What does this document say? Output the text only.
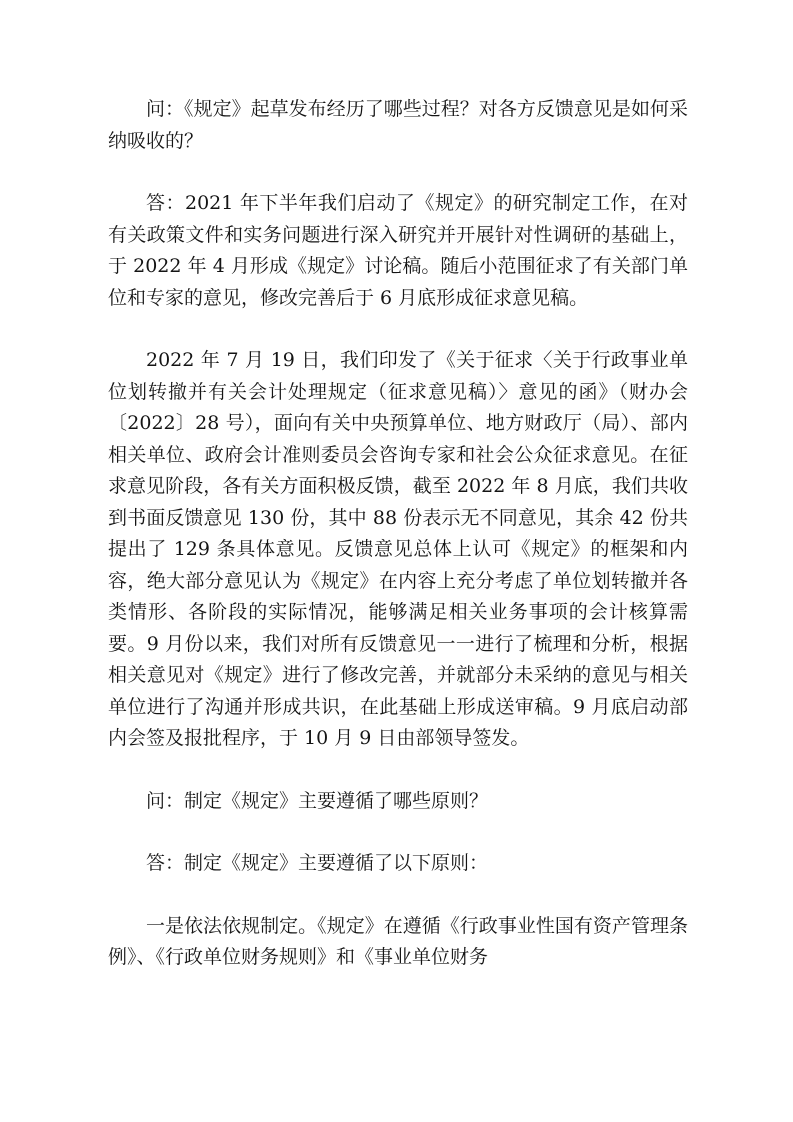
问：《规定》起草发布经历了哪些过程？对各方反馈意见是如何采纳吸收的？

答：2021 年下半年我们启动了《规定》的研究制定工作，在对有关政策文件和实务问题进行深入研究并开展针对性调研的基础上，于 2022 年 4 月形成《规定》讨论稿。随后小范围征求了有关部门单位和专家的意见，修改完善后于 6 月底形成征求意见稿。

2022 年 7 月 19 日，我们印发了《关于征求〈关于行政事业单位划转撤并有关会计处理规定（征求意见稿）〉意见的函》（财办会〔2022〕28 号），面向有关中央预算单位、地方财政厅（局）、部内相关单位、政府会计准则委员会咨询专家和社会公众征求意见。在征求意见阶段，各有关方面积极反馈，截至 2022 年 8 月底，我们共收到书面反馈意见 130 份，其中 88 份表示无不同意见，其余 42 份共提出了 129 条具体意见。反馈意见总体上认可《规定》的框架和内容，绝大部分意见认为《规定》在内容上充分考虑了单位划转撤并各类情形、各阶段的实际情况，能够满足相关业务事项的会计核算需要。9 月份以来，我们对所有反馈意见一一进行了梳理和分析，根据相关意见对《规定》进行了修改完善，并就部分未采纳的意见与相关单位进行了沟通并形成共识，在此基础上形成送审稿。9 月底启动部内会签及报批程序，于 10 月 9 日由部领导签发。

问：制定《规定》主要遵循了哪些原则？

答：制定《规定》主要遵循了以下原则：

一是依法依规制定。《规定》在遵循《行政事业性国有资产管理条例》、《行政单位财务规则》和《事业单位财务
